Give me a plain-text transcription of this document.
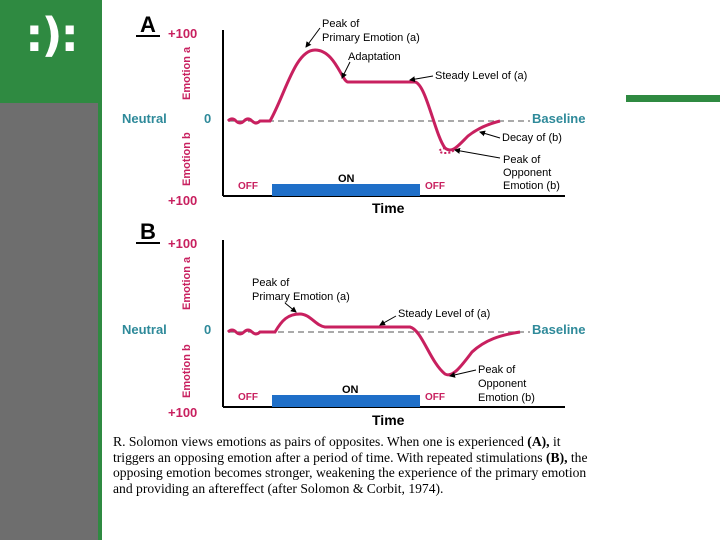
:):	A +100
Emotion a
Neutral	0
Emotion b
+100
Baseline
OFF
ON
OFF
Time
Peak of
Primary Emotion (a)
Adaptation
Steady Level of (a)
Decay of (b)
Peak of
Opponent
Emotion (b)
B +100
Emotion a
Neutral	0
Emotion b
+100
Baseline
OFF
ON
OFF
Time
Peak of
Primary Emotion (a)
Steady Level of (a)
Peak of
Opponent
Emotion (b)
R. Solomon views emotions as pairs of opposites. When one is experienced (A), it triggers an opposing emotion after a period of time. With repeated stimulations (B), the opposing emotion becomes stronger, weakening the experience of the primary emotion and providing an aftereffect (after Solomon & Corbit, 1974).
